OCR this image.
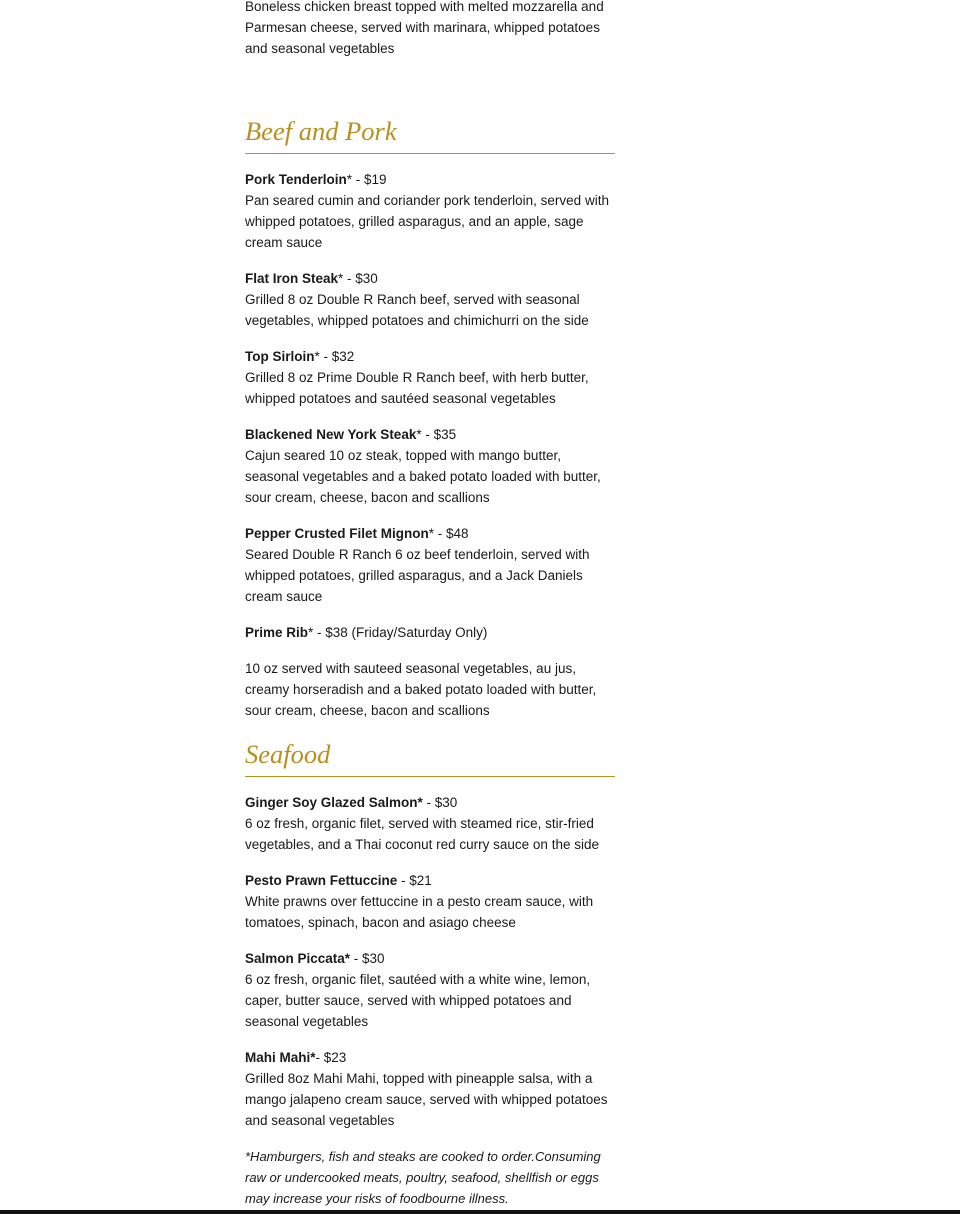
Boneless chicken breast topped with melted mozzarella and Parmesan cheese, served with marinara, whipped potatoes and seasonal vegetables

Beef and Pork

Pork Tenderloin* - $19

Pan seared cumin and coriander pork tenderloin, served with whipped potatoes, grilled asparagus, and an apple, sage cream sauce

Flat Iron Steak* - $30

Grilled 8 oz Double R Ranch beef, served with seasonal vegetables, whipped potatoes and chimichurri on the side

Top Sirloin* - $32

Grilled 8 oz Prime Double R Ranch beef, with herb butter, whipped potatoes and sautéed seasonal vegetables

Blackened New York Steak* - $35

Cajun seared 10 oz steak, topped with mango butter, seasonal vegetables and a baked potato loaded with butter, sour cream, cheese, bacon and scallions

Pepper Crusted Filet Mignon* - $48

Seared Double R Ranch 6 oz beef tenderloin, served with whipped potatoes, grilled asparagus, and a Jack Daniels cream sauce

Prime Rib* - $38 (Friday/Saturday Only)

10 oz served with sauteed seasonal vegetables, au jus, creamy horseradish and a baked potato loaded with butter, sour cream, cheese, bacon and scallions

Seafood

Ginger Soy Glazed Salmon* - $30

6 oz fresh, organic filet, served with steamed rice, stir-fried vegetables, and a Thai coconut red curry sauce on the side

Pesto Prawn Fettuccine - $21

White prawns over fettuccine in a pesto cream sauce, with tomatoes, spinach, bacon and asiago cheese

Salmon Piccata* - $30

6 oz fresh, organic filet, sautéed with a white wine, lemon, caper, butter sauce, served with whipped potatoes and seasonal vegetables

Mahi Mahi*- $23

Grilled 8oz Mahi Mahi, topped with pineapple salsa, with a mango jalapeno cream sauce, served with whipped potatoes and seasonal vegetables

*Hamburgers, fish and steaks are cooked to order.Consuming raw or undercooked meats, poultry, seafood, shellfish or eggs may increase your risks of foodbourne illness.
